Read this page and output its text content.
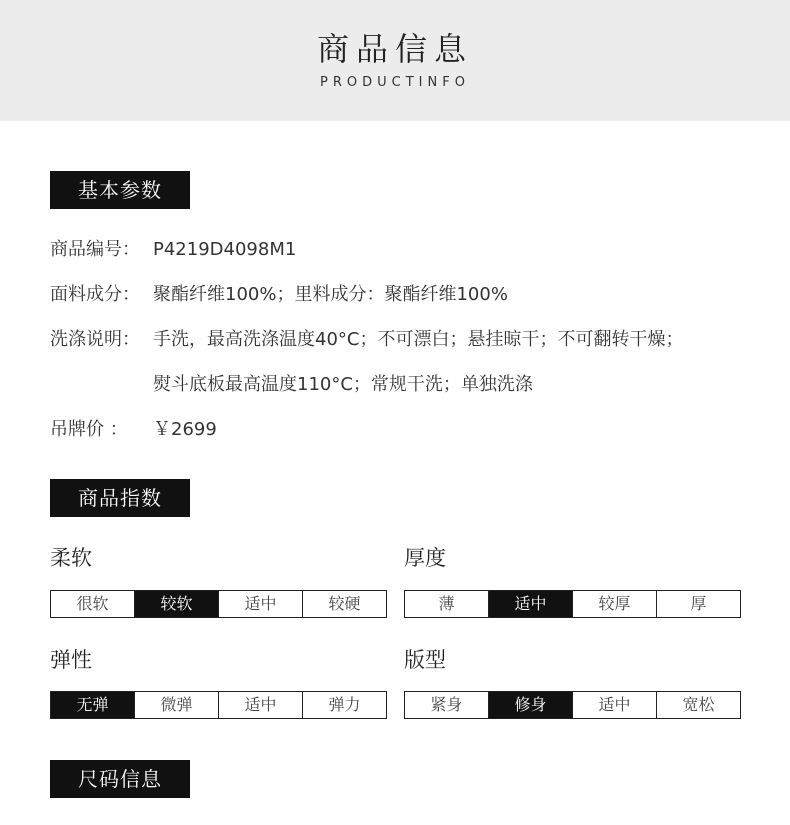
商品信息
PRODUCTINFO
基本参数
商品编号： P4219D4098M1
面料成分： 聚酯纤维100%；里料成分：聚酯纤维100%
洗涤说明： 手洗，最高洗涤温度40°C；不可漂白；悬挂晾干；不可翻转干燥；
熨斗底板最高温度110°C；常规干洗；单独洗涤
吊牌价 ： ￥2699
商品指数
柔软
很软	较软	适中	较硬
厚度
薄	适中	较厚	厚
弹性
无弹	微弹	适中	弹力
版型
紧身	修身	适中	宽松
尺码信息
